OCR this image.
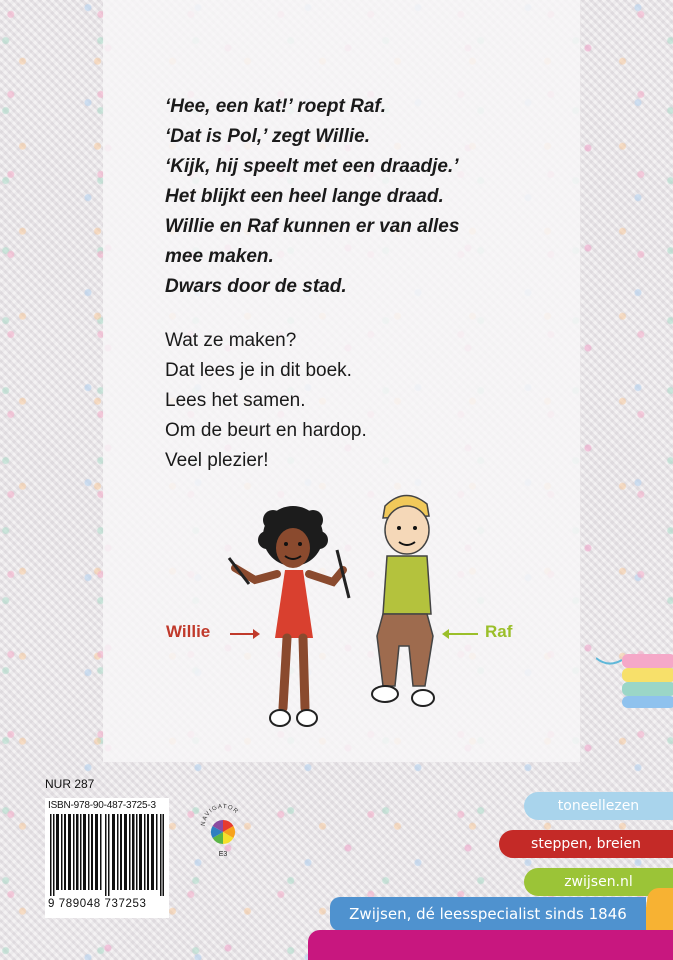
‘Hee, een kat!’ roept Raf.
‘Dat is Pol,’ zegt Willie.
‘Kijk, hij speelt met een draadje.’
Het blijkt een heel lange draad.
Willie en Raf kunnen er van alles
mee maken.
Dwars door de stad.
Wat ze maken?
Dat lees je in dit boek.
Lees het samen.
Om de beurt en hardop.
Veel plezier!
Willie	Raf
NUR 287
ISBN-978-90-487-3725-3
9 789048 737253
NAVIGATOR
E3
toneellezen
steppen, breien
zwijsen.nl
Zwijsen, dé leesspecialist sinds 1846
